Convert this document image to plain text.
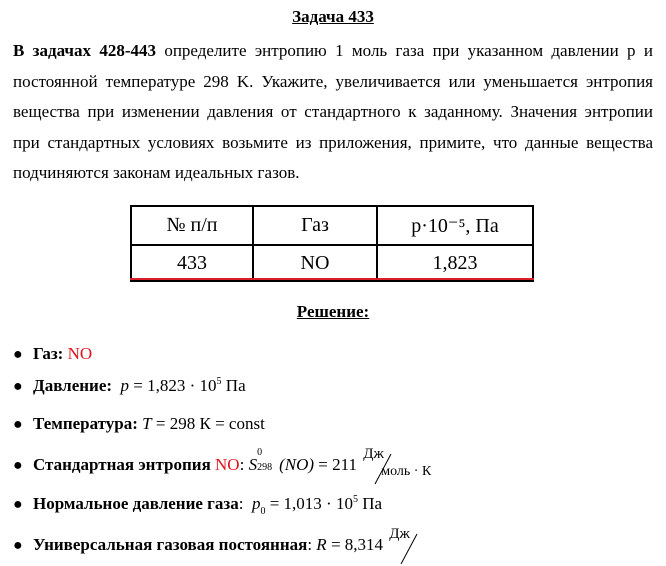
Задача 433
В задачах 428-443 определите энтропию 1 моль газа при указанном давлении p и постоянной температуре 298 K. Укажите, увеличивается или уменьшается энтропия вещества при изменении давления от стандартного к заданному. Значения энтропии при стандартных условиях возьмите из приложения, примите, что данные вещества подчиняются законам идеальных газов.
№ п/п	Газ	p·10⁻⁵, Па
433	NO	1,823
Решение:
● Газ: NO
● Давление: $p = 1,823 \cdot 10^5$ Па
● Температура: T = 298 К = const
● Стандартная энтропия NO: S
0
298 (NO) = 211
Дж
моль · К
● Нормальное давление газа: $p_0 = 1,013 \cdot 10^5$ Па
● Универсальная газовая постоянная: R = 8,314
Дж
